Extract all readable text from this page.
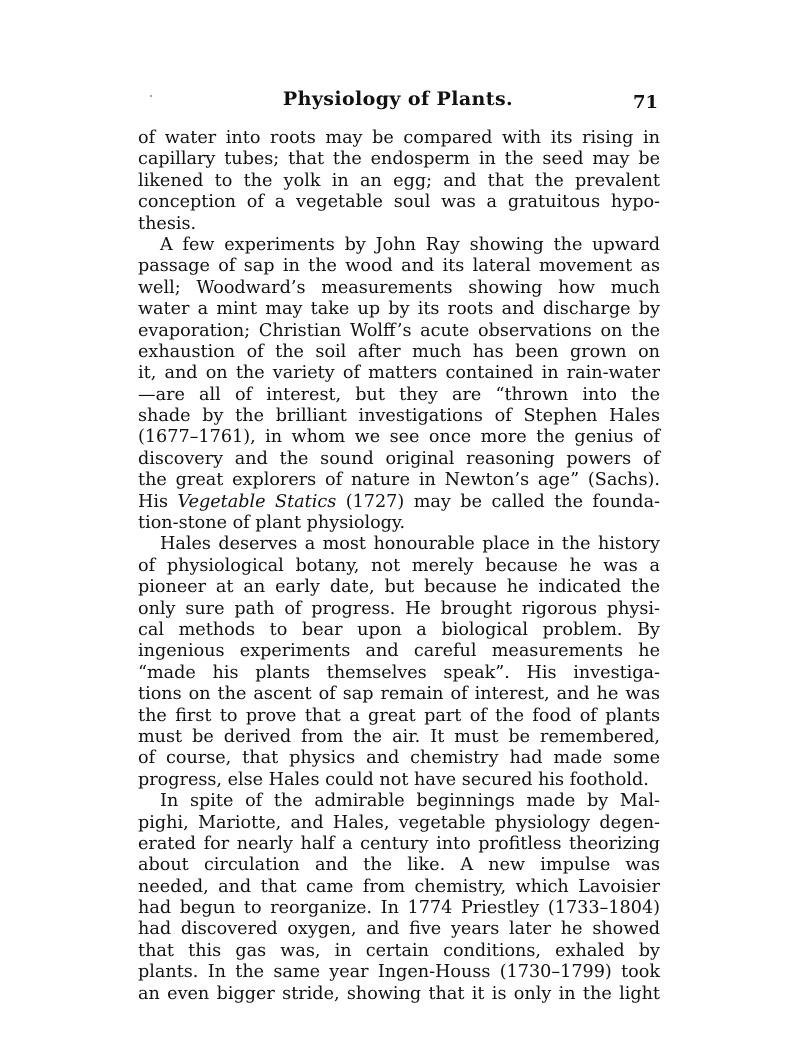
Physiology of Plants.	71
of water into roots may be compared with its rising in
capillary tubes; that the endosperm in the seed may be
likened to the yolk in an egg; and that the prevalent
conception of a vegetable soul was a gratuitous hypo-
thesis.
A few experiments by John Ray showing the upward
passage of sap in the wood and its lateral movement as
well; Woodward’s measurements showing how much
water a mint may take up by its roots and discharge by
evaporation; Christian Wolff’s acute observations on the
exhaustion of the soil after much has been grown on
it, and on the variety of matters contained in rain-water
—are all of interest, but they are “thrown into the
shade by the brilliant investigations of Stephen Hales
(1677–1761), in whom we see once more the genius of
discovery and the sound original reasoning powers of
the great explorers of nature in Newton’s age” (Sachs).
His Vegetable Statics (1727) may be called the founda-
tion-stone of plant physiology.
Hales deserves a most honourable place in the history
of physiological botany, not merely because he was a
pioneer at an early date, but because he indicated the
only sure path of progress. He brought rigorous physi-
cal methods to bear upon a biological problem. By
ingenious experiments and careful measurements he
“made his plants themselves speak”. His investiga-
tions on the ascent of sap remain of interest, and he was
the first to prove that a great part of the food of plants
must be derived from the air. It must be remembered,
of course, that physics and chemistry had made some
progress, else Hales could not have secured his foothold.
In spite of the admirable beginnings made by Mal-
pighi, Mariotte, and Hales, vegetable physiology degen-
erated for nearly half a century into profitless theorizing
about circulation and the like. A new impulse was
needed, and that came from chemistry, which Lavoisier
had begun to reorganize. In 1774 Priestley (1733–1804)
had discovered oxygen, and five years later he showed
that this gas was, in certain conditions, exhaled by
plants. In the same year Ingen-Houss (1730–1799) took
an even bigger stride, showing that it is only in the light
